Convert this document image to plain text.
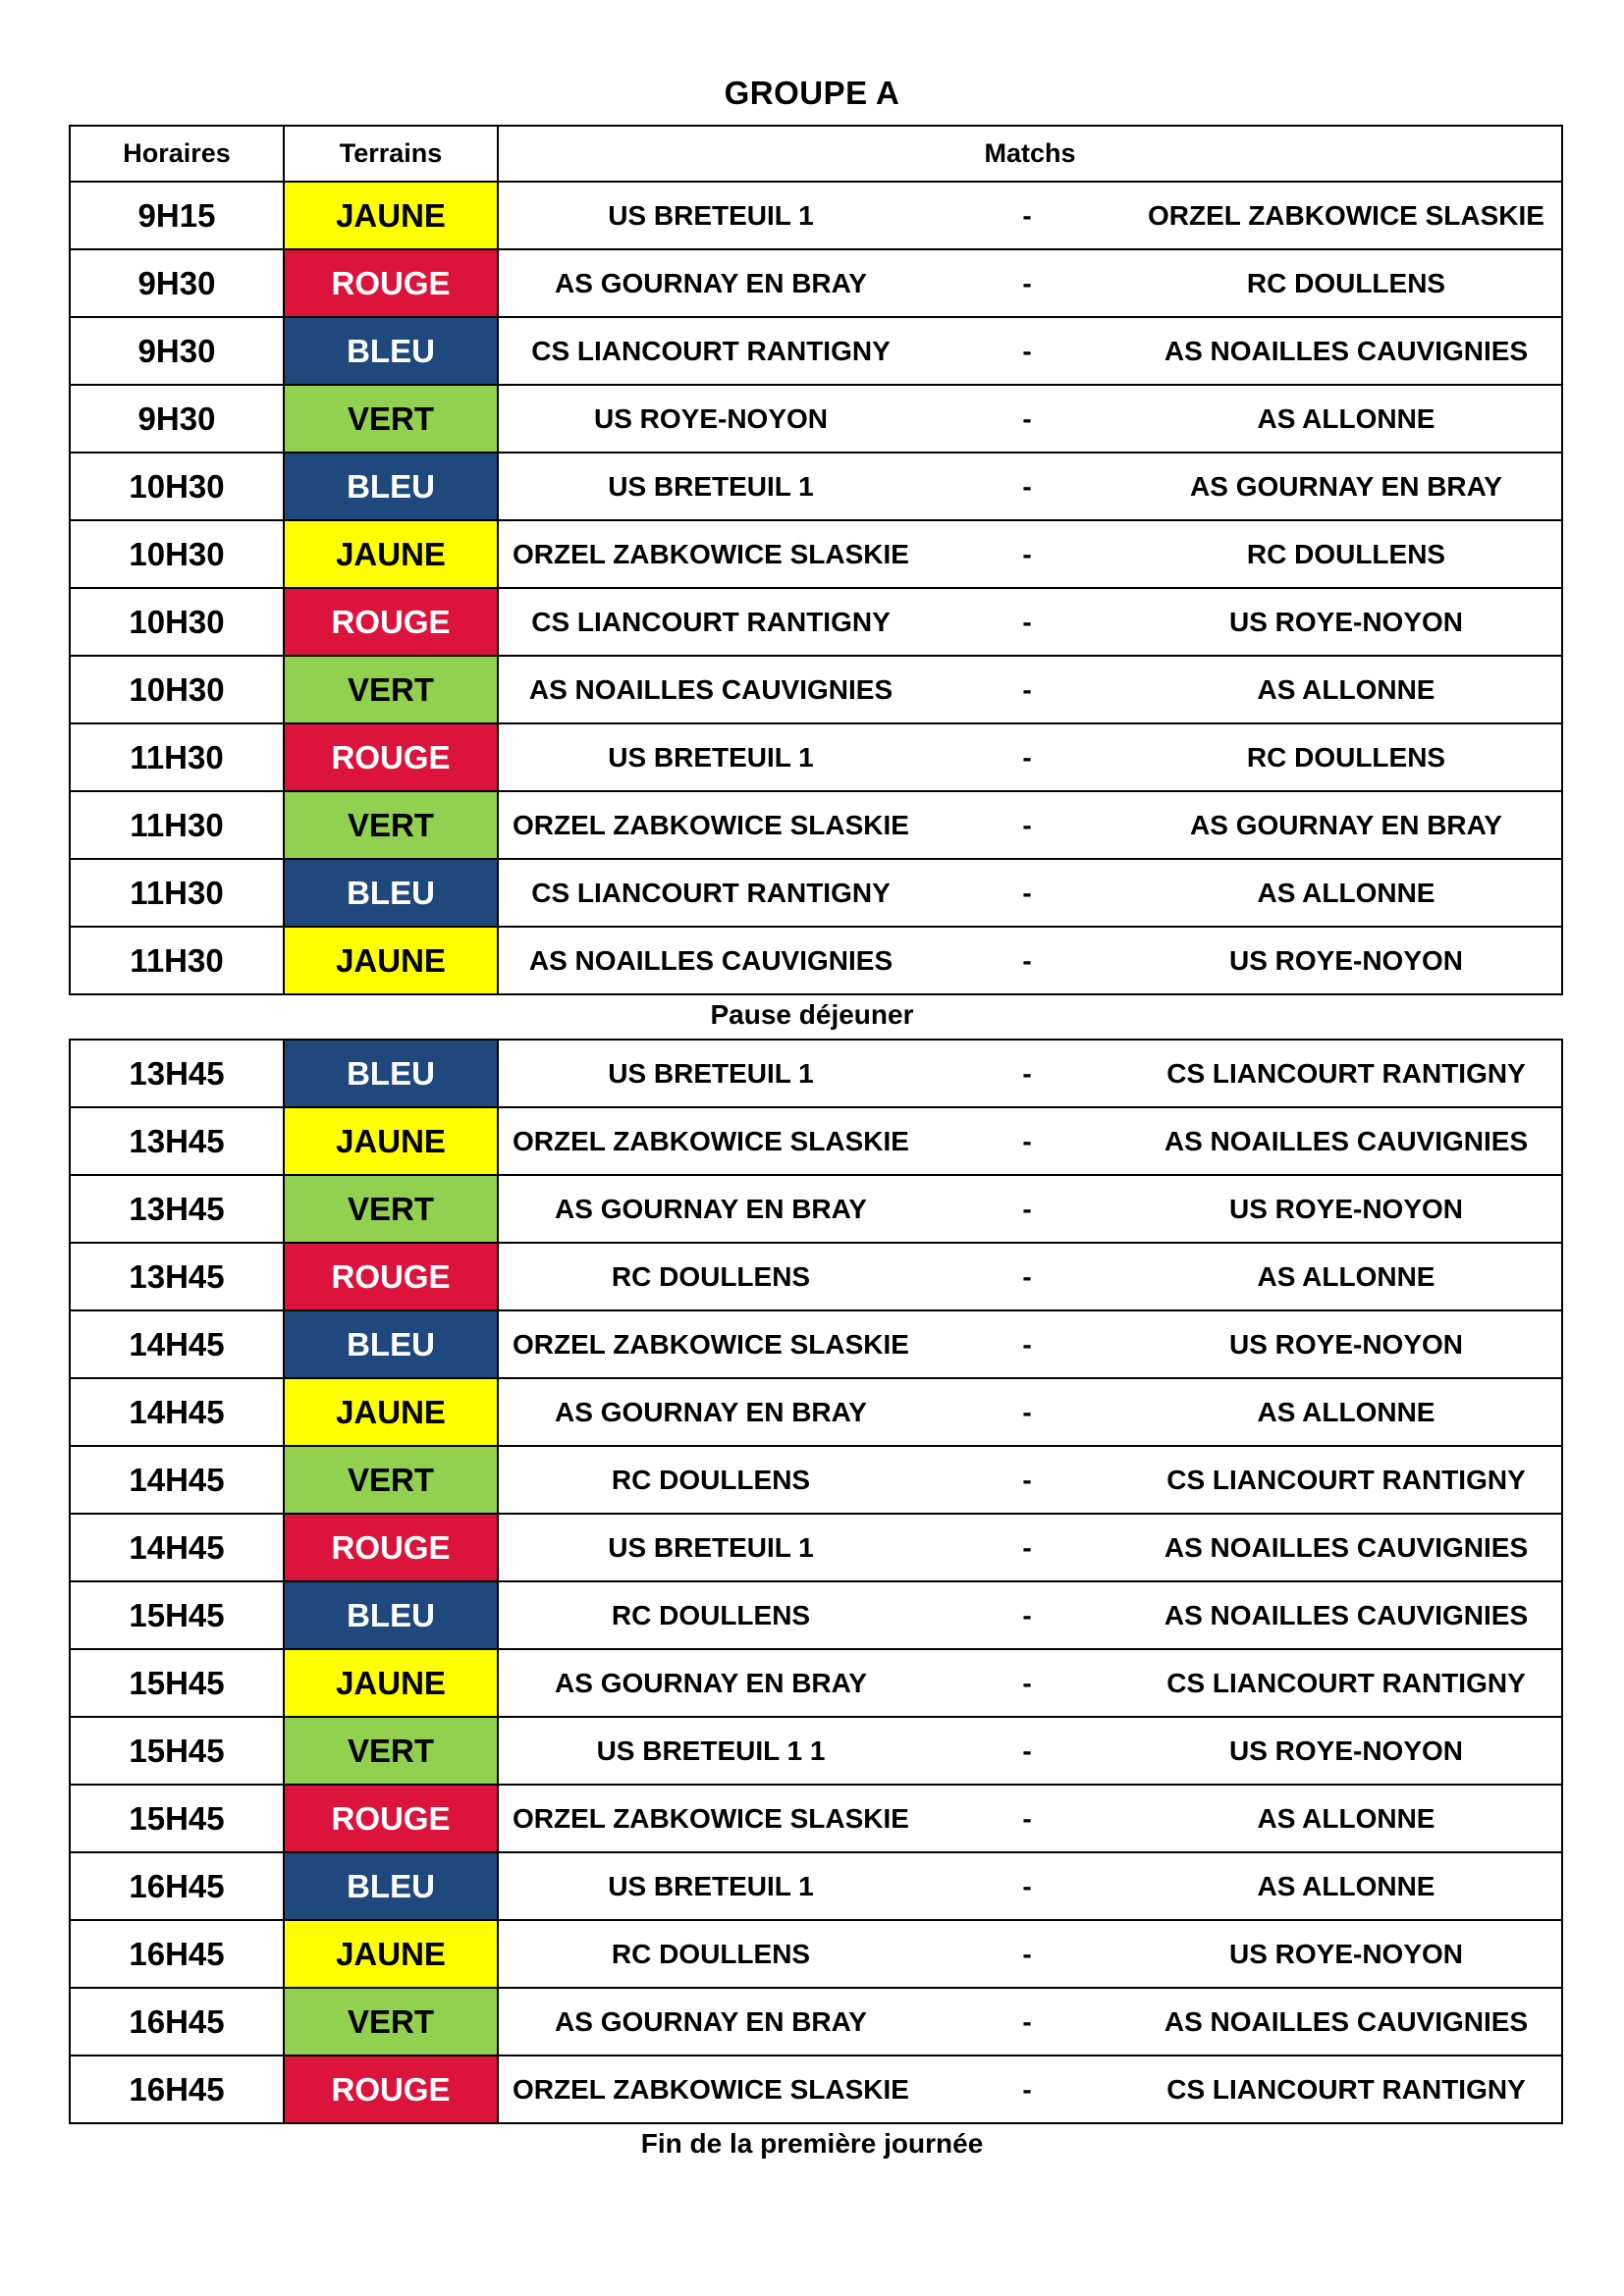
GROUPE A
Horaires	Terrains	Matchs
9H15	JAUNE	US BRETEUIL 1 - ORZEL ZABKOWICE SLASKIE

9H30	ROUGE	AS GOURNAY EN BRAY - RC DOULLENS

9H30	BLEU	CS LIANCOURT RANTIGNY - AS NOAILLES CAUVIGNIES

9H30	VERT	US ROYE-NOYON - AS ALLONNE

10H30	BLEU	US BRETEUIL 1 - AS GOURNAY EN BRAY

10H30	JAUNE	ORZEL ZABKOWICE SLASKIE - RC DOULLENS

10H30	ROUGE	CS LIANCOURT RANTIGNY - US ROYE-NOYON

10H30	VERT	AS NOAILLES CAUVIGNIES - AS ALLONNE

11H30	ROUGE	US BRETEUIL 1 - RC DOULLENS

11H30	VERT	ORZEL ZABKOWICE SLASKIE - AS GOURNAY EN BRAY

11H30	BLEU	CS LIANCOURT RANTIGNY - AS ALLONNE

11H30	JAUNE	AS NOAILLES CAUVIGNIES - US ROYE-NOYON
Pause déjeuner
13H45	BLEU	US BRETEUIL 1 - CS LIANCOURT RANTIGNY

13H45	JAUNE	ORZEL ZABKOWICE SLASKIE - AS NOAILLES CAUVIGNIES

13H45	VERT	AS GOURNAY EN BRAY - US ROYE-NOYON

13H45	ROUGE	RC DOULLENS - AS ALLONNE

14H45	BLEU	ORZEL ZABKOWICE SLASKIE - US ROYE-NOYON

14H45	JAUNE	AS GOURNAY EN BRAY - AS ALLONNE

14H45	VERT	RC DOULLENS - CS LIANCOURT RANTIGNY

14H45	ROUGE	US BRETEUIL 1 - AS NOAILLES CAUVIGNIES

15H45	BLEU	RC DOULLENS - AS NOAILLES CAUVIGNIES

15H45	JAUNE	AS GOURNAY EN BRAY - CS LIANCOURT RANTIGNY

15H45	VERT	US BRETEUIL 1 1 - US ROYE-NOYON

15H45	ROUGE	ORZEL ZABKOWICE SLASKIE - AS ALLONNE

16H45	BLEU	US BRETEUIL 1 - AS ALLONNE

16H45	JAUNE	RC DOULLENS - US ROYE-NOYON

16H45	VERT	AS GOURNAY EN BRAY - AS NOAILLES CAUVIGNIES

16H45	ROUGE	ORZEL ZABKOWICE SLASKIE - CS LIANCOURT RANTIGNY
Fin de la première journée
